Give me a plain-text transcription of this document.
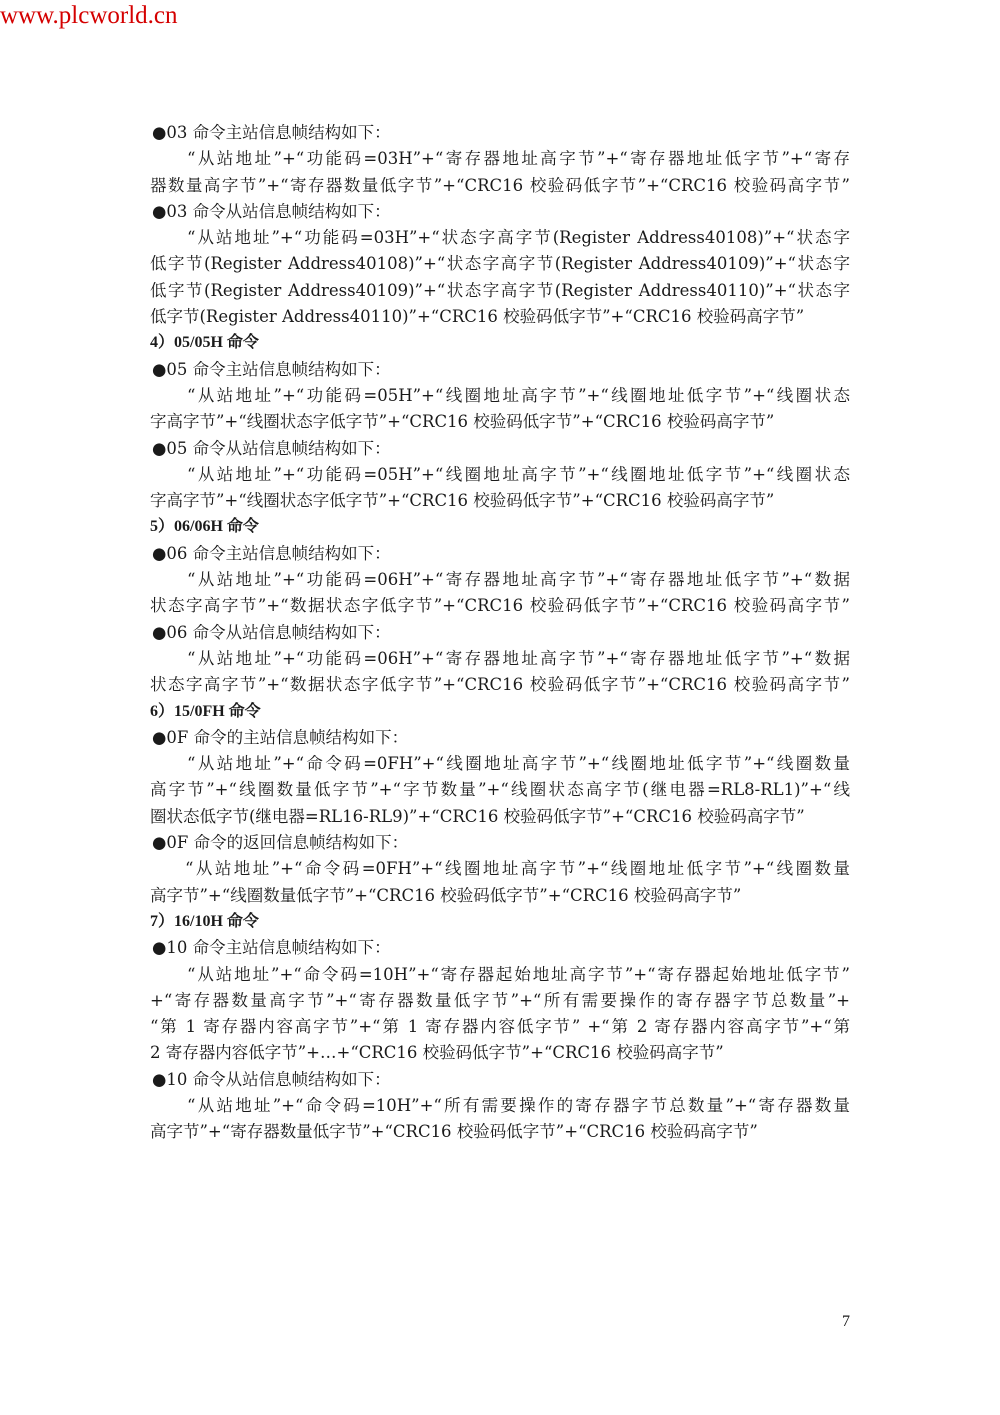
www.plcworld.cn
●03 命令主站信息帧结构如下：
“从站地址”+“功能码=03H”+“寄存器地址高字节”+“寄存器地址低字节”+“寄存
器数量高字节”+“寄存器数量低字节”+“CRC16 校验码低字节”+“CRC16 校验码高字节”
●03 命令从站信息帧结构如下：
“从站地址”+“功能码=03H”+“状态字高字节(Register Address40108)”+“状态字
低字节(Register Address40108)”+“状态字高字节(Register Address40109)”+“状态字
低字节(Register Address40109)”+“状态字高字节(Register Address40110)”+“状态字
低字节(Register Address40110)”+“CRC16 校验码低字节”+“CRC16 校验码高字节”
4）05/05H 命令
●05 命令主站信息帧结构如下：
“从站地址”+“功能码=05H”+“线圈地址高字节”+“线圈地址低字节”+“线圈状态
字高字节”+“线圈状态字低字节”+“CRC16 校验码低字节”+“CRC16 校验码高字节”
●05 命令从站信息帧结构如下：
“从站地址”+“功能码=05H”+“线圈地址高字节”+“线圈地址低字节”+“线圈状态
字高字节”+“线圈状态字低字节”+“CRC16 校验码低字节”+“CRC16 校验码高字节”
5）06/06H 命令
●06 命令主站信息帧结构如下：
“从站地址”+“功能码=06H”+“寄存器地址高字节”+“寄存器地址低字节”+“数据
状态字高字节”+“数据状态字低字节”+“CRC16 校验码低字节”+“CRC16 校验码高字节”
●06 命令从站信息帧结构如下：
“从站地址”+“功能码=06H”+“寄存器地址高字节”+“寄存器地址低字节”+“数据
状态字高字节”+“数据状态字低字节”+“CRC16 校验码低字节”+“CRC16 校验码高字节”
6）15/0FH 命令
●0F 命令的主站信息帧结构如下：
“从站地址”+“命令码=0FH”+“线圈地址高字节”+“线圈地址低字节”+“线圈数量
高字节”+“线圈数量低字节”+“字节数量”+“线圈状态高字节(继电器=RL8-RL1)”+“线
圈状态低字节(继电器=RL16-RL9)”+“CRC16 校验码低字节”+“CRC16 校验码高字节”
●0F 命令的返回信息帧结构如下：
“从站地址”+“命令码=0FH”+“线圈地址高字节”+“线圈地址低字节”+“线圈数量
高字节”+“线圈数量低字节”+“CRC16 校验码低字节”+“CRC16 校验码高字节”
7）16/10H 命令
●10 命令主站信息帧结构如下：
“从站地址”+“命令码=10H”+“寄存器起始地址高字节”+“寄存器起始地址低字节”
+“寄存器数量高字节”+“寄存器数量低字节”+“所有需要操作的寄存器字节总数量”+
“第 1 寄存器内容高字节”+“第 1 寄存器内容低字节” +“第 2 寄存器内容高字节”+“第
2 寄存器内容低字节”+…+“CRC16 校验码低字节”+“CRC16 校验码高字节”
●10 命令从站信息帧结构如下：
“从站地址”+“命令码=10H”+“所有需要操作的寄存器字节总数量”+“寄存器数量
高字节”+“寄存器数量低字节”+“CRC16 校验码低字节”+“CRC16 校验码高字节”
7
